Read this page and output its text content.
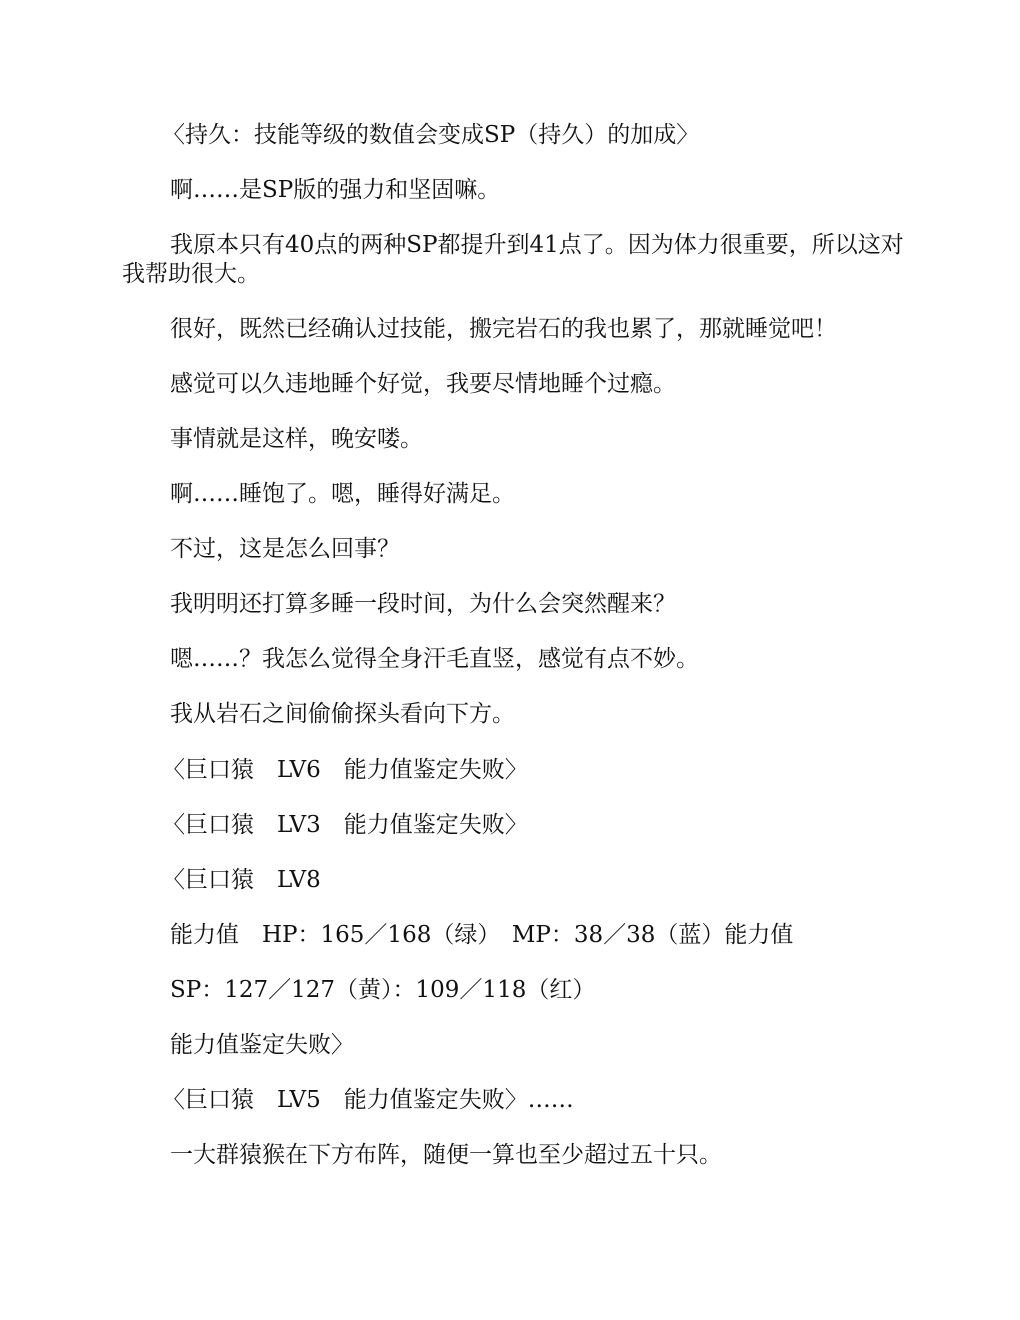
〈持久：技能等级的数值会变成SP（持久）的加成〉

啊……是SP版的强力和坚固嘛。

我原本只有40点的两种SP都提升到41点了。因为体力很重要，所以这对我帮助很大。

很好，既然已经确认过技能，搬完岩石的我也累了，那就睡觉吧！

感觉可以久违地睡个好觉，我要尽情地睡个过瘾。

事情就是这样，晚安喽。

啊……睡饱了。嗯，睡得好满足。

不过，这是怎么回事？

我明明还打算多睡一段时间，为什么会突然醒来？

嗯……？我怎么觉得全身汗毛直竖，感觉有点不妙。

我从岩石之间偷偷探头看向下方。

〈巨口猿　LV6　能力值鉴定失败〉

〈巨口猿　LV3　能力值鉴定失败〉

〈巨口猿　LV8

能力值　HP：165／168（绿）　MP：38／38（蓝）能力值

SP：127／127（黄）：109／118（红）

能力值鉴定失败〉

〈巨口猿　LV5　能力值鉴定失败〉……

一大群猿猴在下方布阵，随便一算也至少超过五十只。
